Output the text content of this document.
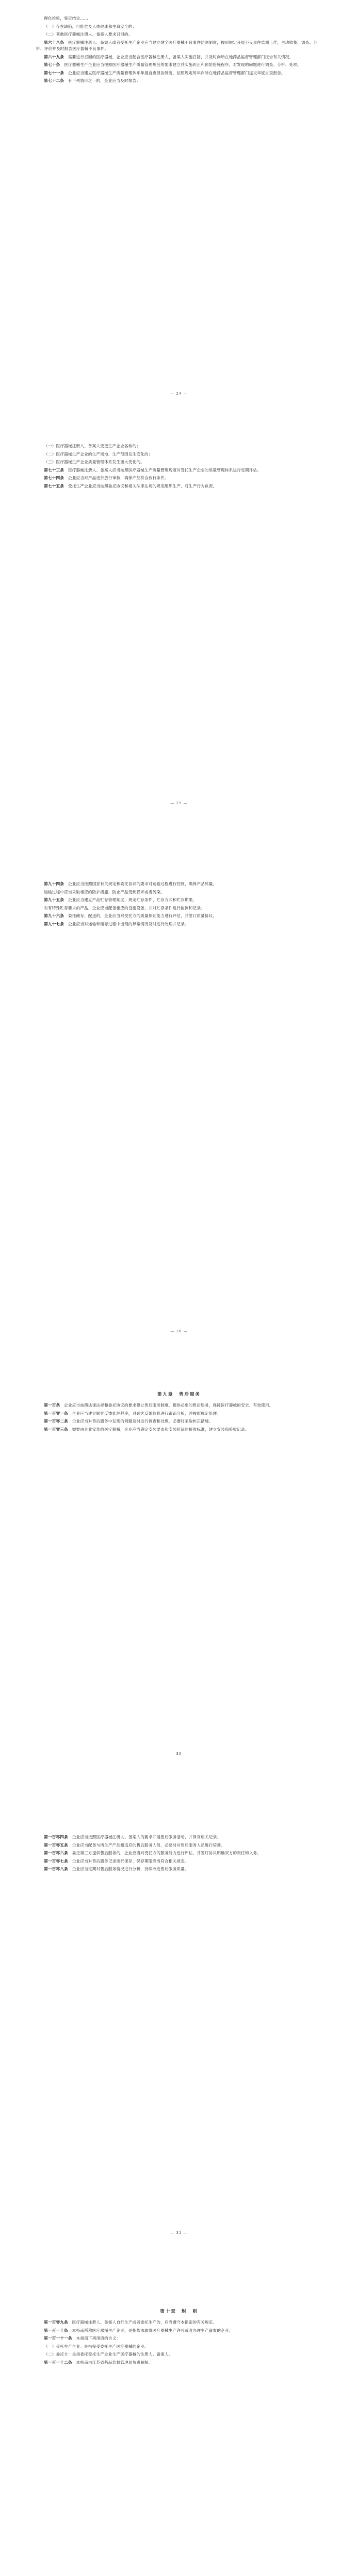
理化检验，鉴定结论……

（一）存在缺陷，可能危及人体健康和生命安全的；

（二）其他医疗器械注册人、备案人要求召回的。

第六十八条　医疗器械注册人、备案人或者受托生产企业应当建立健全医疗器械不良事件监测制度，按照规定开展不良事件监测工作，主动收集、调查、分析、评价并及时报告医疗器械不良事件。

第六十九条　需要进行召回的医疗器械，企业应当配合医疗器械注册人、备案人实施召回，并及时向所在地药品监督管理部门报告有关情况。

第七十条　医疗器械生产企业应当按照医疗器械生产质量管理规范的要求建立并实施纠正和预防措施程序，对发现的问题进行调查、分析、处理。

第七十一条　企业应当建立医疗器械生产质量管理体系年度自查报告制度，按照规定每年向所在地药品监督管理部门提交年度自查报告。

第七十二条　有下列情形之一的，企业应当及时报告：

— 24 —

（一）医疗器械注册人、备案人变更生产企业名称的；

（二）医疗器械生产企业的生产场地、生产范围发生变化的；

（三）医疗器械生产企业质量管理体系发生重大变化的。

第七十三条　医疗器械注册人、备案人应当按照医疗器械生产质量管理规范对受托生产企业的质量管理体系进行定期评估。

第七十四条　企业应当对产品进行放行审核，确保产品符合放行条件。

第七十五条　受托生产企业应当按照委托协议和相关法律法规的规定组织生产，对生产行为负责。

— 25 —

第九十四条　企业应当按照国家有关规定和委托协议的要求对运输过程进行控制，确保产品质量。

运输过程中应当采取相应的防护措施，防止产品受到损坏或者污染。

第九十五条　企业应当建立产品贮存管理制度，规定贮存条件、贮存方式和贮存期限。

对有特殊贮存要求的产品，企业应当配备相应的设施设备，并对贮存条件进行监测和记录。

第九十六条　委托储存、配送的，企业应当对受托方的质量保证能力进行评估，并签订质量协议。

第九十七条　企业应当对运输和储存过程中出现的异常情况及时进行处理并记录。

— 26 —
第九章　售后服务

第一百条　企业应当按照法律法规和委托协议的要求建立售后服务制度，提供必要的售后服务，保障医疗器械的安全、有效使用。

第一百零一条　企业应当建立顾客反馈处理程序，对顾客反馈信息进行跟踪分析，并按照规定处理。

第一百零二条　企业应当对售后服务中发现的问题及时进行调查和处理，必要时采取纠正措施。

第一百零三条　需要由企业安装的医疗器械，企业应当确定安装要求和安装验证的接收标准，建立安装和验收记录。

— 30 —

第一百零四条　企业应当按照医疗器械注册人、备案人的要求开展售后服务活动，并保存相关记录。

第一百零五条　企业应当配备与所生产产品相适应的售后服务人员，必要时对售后服务人员进行培训。

第一百零六条　委托第三方提供售后服务的，企业应当对受托方的服务能力进行评估，并签订协议明确双方的责任和义务。

第一百零七条　企业应当对售后服务记录进行保存，保存期限应当符合相关规定。

第一百零八条　企业应当定期对售后服务情况进行分析，持续改进售后服务质量。

— 31 —
第十章　附　则

第一百零九条　医疗器械注册人、备案人自行生产或者委托生产的，应当遵守本指南的有关规定。

第一百一十条　本指南所称医疗器械生产企业，是指依法取得医疗器械生产许可或者办理生产备案的企业。

第一百一十一条　本指南下列用语的含义：

（一）受托生产企业：是指接受委托生产医疗器械的企业。

（二）委托方：是指委托受托生产企业生产医疗器械的注册人、备案人。

第一百一十二条　本指南由江苏省药品监督管理局负责解释。
